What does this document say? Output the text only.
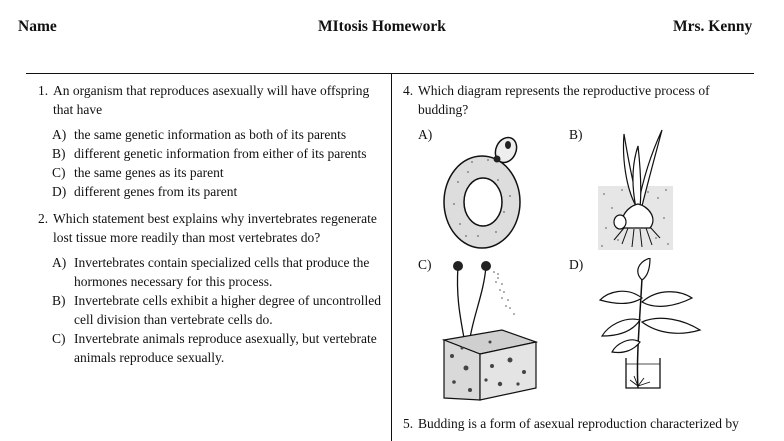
Name	MItosis Homework	Mrs. Kenny
1. An organism that reproduces asexually will have offspring that have
A) the same genetic information as both of its parents
B) different genetic information from either of its parents
C) the same genes as its parent
D) different genes from its parent
2. Which statement best explains why invertebrates regenerate lost tissue more readily than most vertebrates do?
A) Invertebrates contain specialized cells that produce the hormones necessary for this process.
B) Invertebrate cells exhibit a higher degree of uncontrolled cell division than vertebrate cells do.
C) Invertebrate animals reproduce asexually, but vertebrate animals reproduce sexually.
4. Which diagram represents the reproductive process of budding?
A)	B)
C)	D)
5. Budding is a form of asexual reproduction characterized by
